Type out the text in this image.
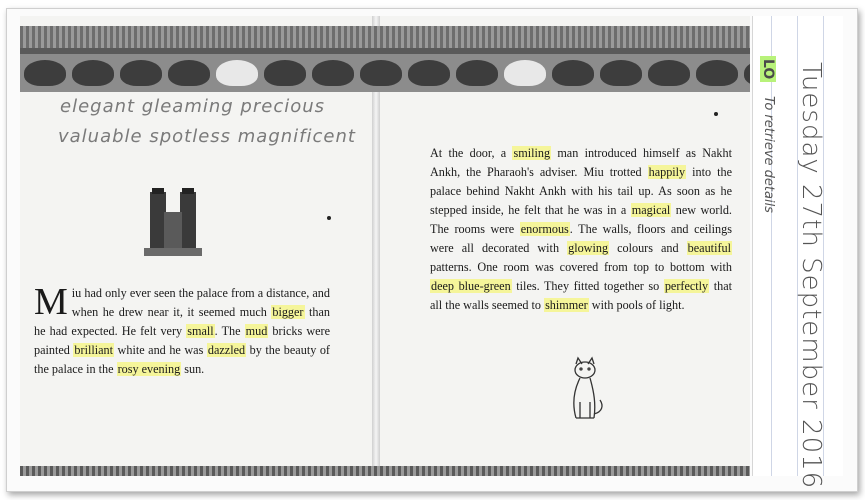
elegant gleaming precious
valuable spotless magnificent
Miu had only ever seen the palace from a distance, and when he drew near it, it seemed much bigger than he had expected. He felt very small. The mud bricks were painted brilliant white and he was dazzled by the beauty of the palace in the rosy evening sun.
At the door, a smiling man introduced himself as Nakht Ankh, the Pharaoh's adviser. Miu trotted happily into the palace behind Nakht Ankh with his tail up. As soon as he stepped inside, he felt that he was in a magical new world. The rooms were enormous. The walls, floors and ceilings were all decorated with glowing colours and beautiful patterns. One room was covered from top to bottom with deep blue-green tiles. They fitted together so perfectly that all the walls seemed to shimmer with pools of light.
LO
To retrieve details Tuesday 27th September 2016
